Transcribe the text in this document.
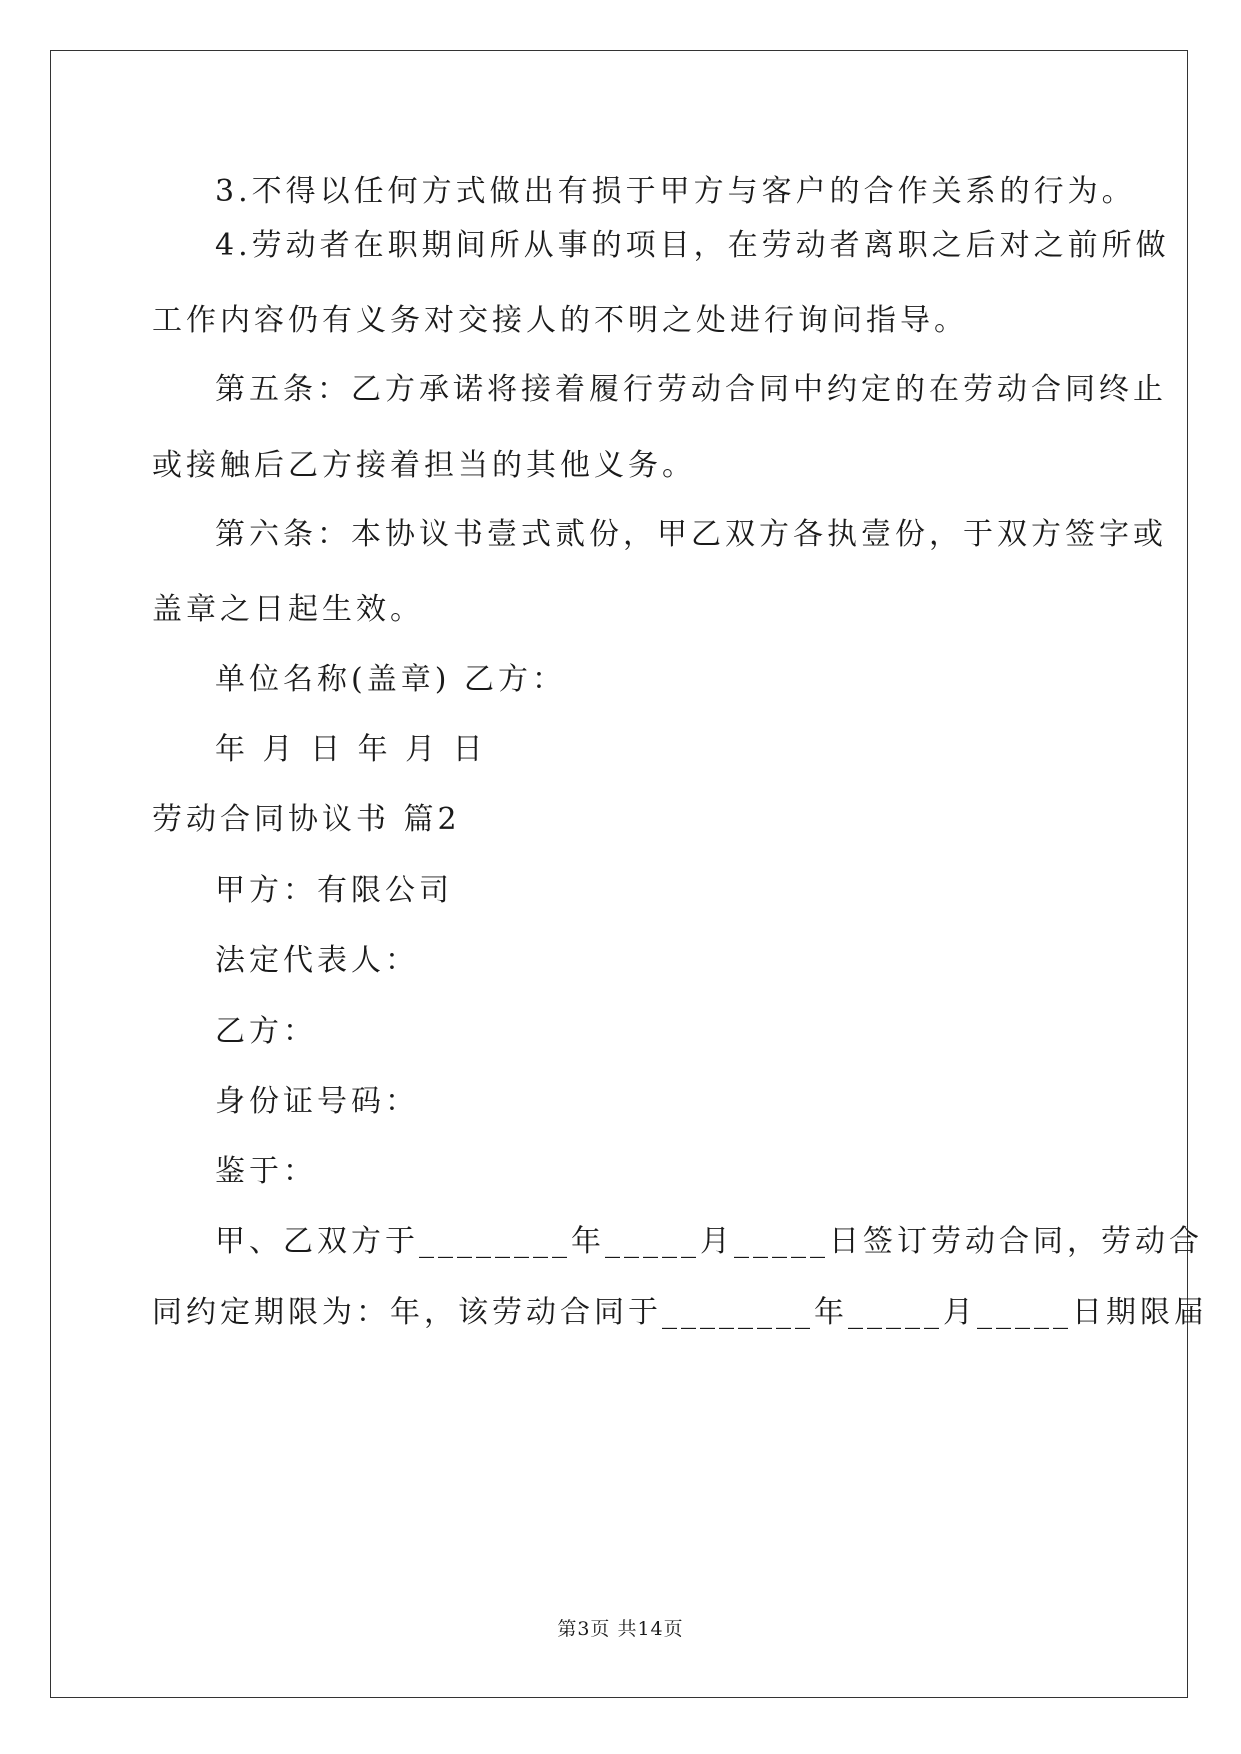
3.不得以任何方式做出有损于甲方与客户的合作关系的行为。
4.劳动者在职期间所从事的项目，在劳动者离职之后对之前所做
工作内容仍有义务对交接人的不明之处进行询问指导。
第五条：乙方承诺将接着履行劳动合同中约定的在劳动合同终止
或接触后乙方接着担当的其他义务。
第六条：本协议书壹式贰份，甲乙双方各执壹份，于双方签字或
盖章之日起生效。
单位名称(盖章) 乙方：
年 月 日 年 月 日
劳动合同协议书 篇2
甲方：有限公司
法定代表人：
乙方：
身份证号码：
鉴于：
甲、乙双方于________年_____月_____日签订劳动合同，劳动合
同约定期限为：年，该劳动合同于________年_____月_____日期限届
第3页 共14页
